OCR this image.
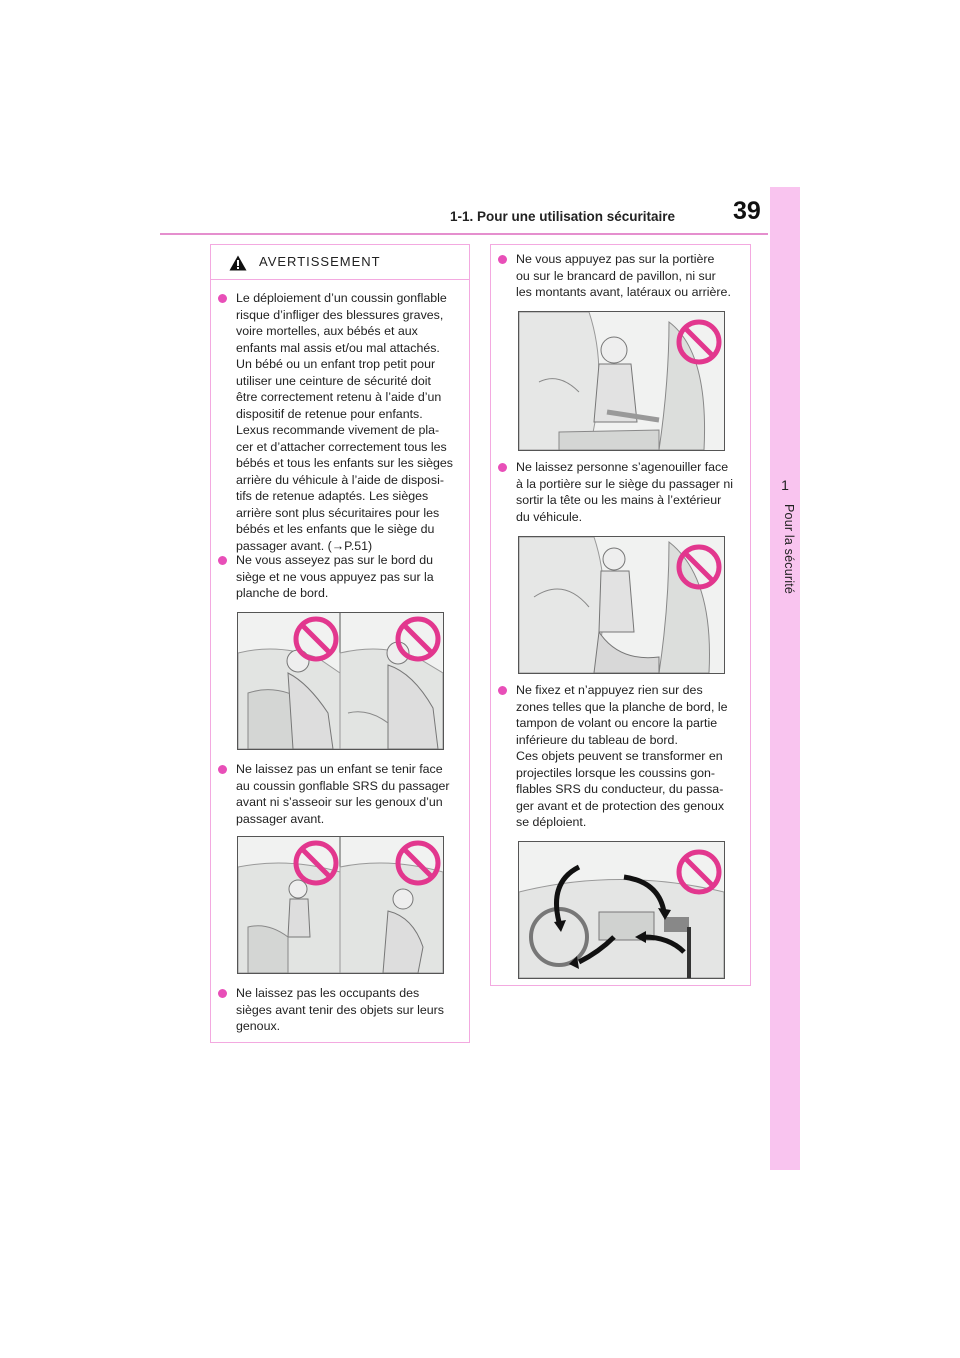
1-1. Pour une utilisation sécuritaire 39
1
Pour la sécurité
AVERTISSEMENT
Le déploiement d’un coussin gonflable
risque d’infliger des blessures graves,
voire mortelles, aux bébés et aux
enfants mal assis et/ou mal attachés.
Un bébé ou un enfant trop petit pour
utiliser une ceinture de sécurité doit
être correctement retenu à l’aide d’un
dispositif de retenue pour enfants.
Lexus recommande vivement de pla-
cer et d’attacher correctement tous les
bébés et tous les enfants sur les sièges
arrière du véhicule à l’aide de disposi-
tifs de retenue adaptés. Les sièges
arrière sont plus sécuritaires pour les
bébés et les enfants que le siège du
passager avant. (→P.51)
Ne vous asseyez pas sur le bord du
siège et ne vous appuyez pas sur la
planche de bord.
Ne laissez pas un enfant se tenir face
au coussin gonflable SRS du passager
avant ni s’asseoir sur les genoux d’un
passager avant.
Ne laissez pas les occupants des
sièges avant tenir des objets sur leurs
genoux.
Ne vous appuyez pas sur la portière
ou sur le brancard de pavillon, ni sur
les montants avant, latéraux ou arrière.
Ne laissez personne s’agenouiller face
à la portière sur le siège du passager ni
sortir la tête ou les mains à l’extérieur
du véhicule.
Ne fixez et n’appuyez rien sur des
zones telles que la planche de bord, le
tampon de volant ou encore la partie
inférieure du tableau de bord.
Ces objets peuvent se transformer en
projectiles lorsque les coussins gon-
flables SRS du conducteur, du passa-
ger avant et de protection des genoux
se déploient.
